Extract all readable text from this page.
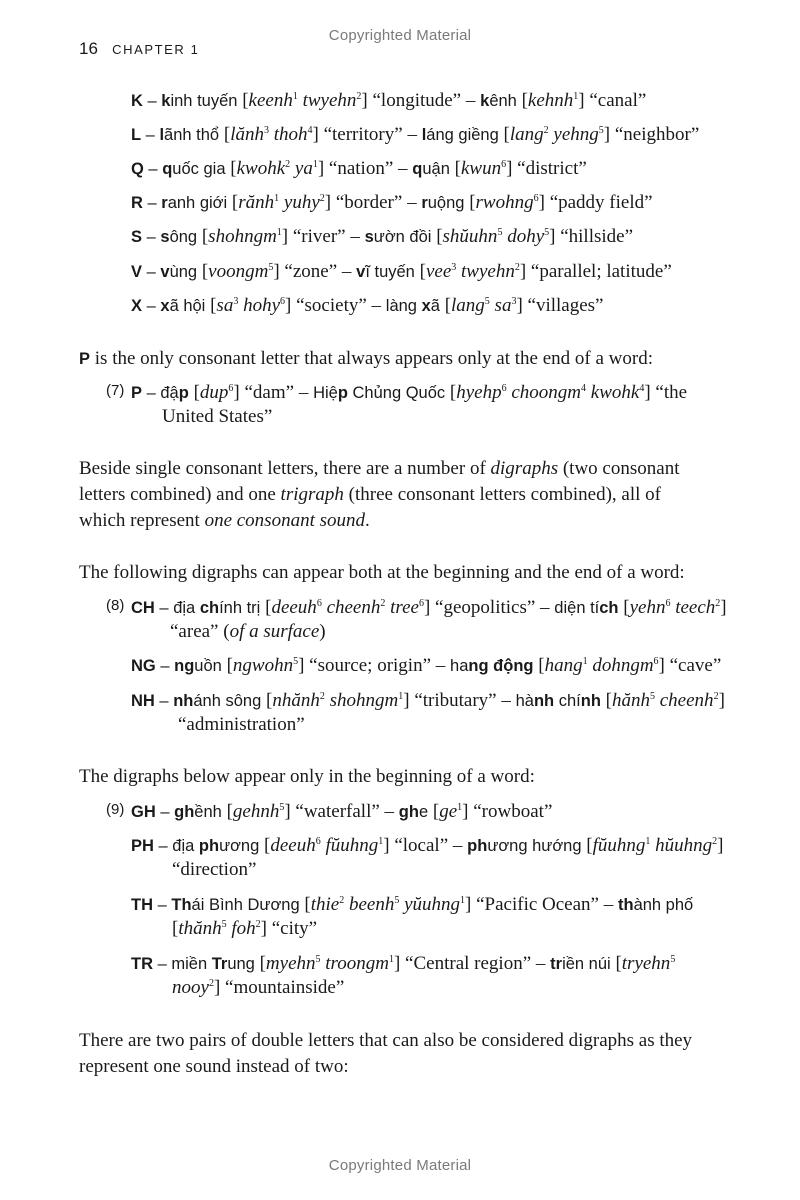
Copyrighted Material
16 CHAPTER 1
K – kinh tuyến [keenh$^1$ twyehn$^2$] “longitude” – kênh [kehnh$^1$] “canal”
L – lãnh thổ [lănh$^3$ thoh$^4$] “territory” – láng giềng [lang$^2$ yehng$^5$] “neighbor”
Q – quốc gia [kwohk$^2$ $ya^1$] “nation” – quận [kwun$^6$] “district”
R – ranh giới [rănh$^1$ yuhy$^2$] “border” – ruộng [rwohng$^6$] “paddy field”
S – sông [shohngm$^1$] “river” – sườn đồi [shŭuhn$^5$ dohy$^5$] “hillside”
V – vùng [voongm$^5$] “zone” – vĩ tuyến [vee$^3$ twyehn$^2$] “parallel; latitude”
X – xã hội [$sa^3$ hohy$^6$] “society” – làng xã [lang$^5$ $sa^3$] “villages”
P is the only consonant letter that always appears only at the end of a word:
(7) P – đập [dup$^6$] “dam” – Hiệp Chủng Quốc [hyehp$^6$ choongm$^4$ kwohk$^4$] “the
United States”
Beside single consonant letters, there are a number of digraphs (two consonant
letters combined) and one trigraph (three consonant letters combined), all of
which represent one consonant sound.
The following digraphs can appear both at the beginning and the end of a word:
(8) CH – địa chính trị [deeuh$^6$ cheenh$^2$ tree$^6$] “geopolitics” – diện tích [yehn$^6$ teech$^2$]
“area” (of a surface)
NG – nguồn [ngwohn$^5$] “source; origin” – hang động [hang$^1$ dohngm$^6$] “cave”
NH – nhánh sông [nhănh$^2$ shohngm$^1$] “tributary” – hành chính [hănh$^5$ cheenh$^2$]
“administration”
The digraphs below appear only in the beginning of a word:
(9) GH – ghềnh [gehnh$^5$] “waterfall” – ghe $[ge^1]$ “rowboat”
PH – địa phương [deeuh$^6$ fŭuhng$^1$] “local” – phương hướng [fŭuhng$^1$ hŭuhng$^2$]
“direction”
TH – Thái Bình Dương [thie$^2$ beenh$^5$ yŭuhng$^1$] “Pacific Ocean” – thành phố
[thănh$^5$ foh$^2$] “city”
TR – miền Trung [myehn$^5$ troongm$^1$] “Central region” – triền núi [tryehn$^5$
nooy$^2$] “mountainside”
There are two pairs of double letters that can also be considered digraphs as they
represent one sound instead of two:
Copyrighted Material
